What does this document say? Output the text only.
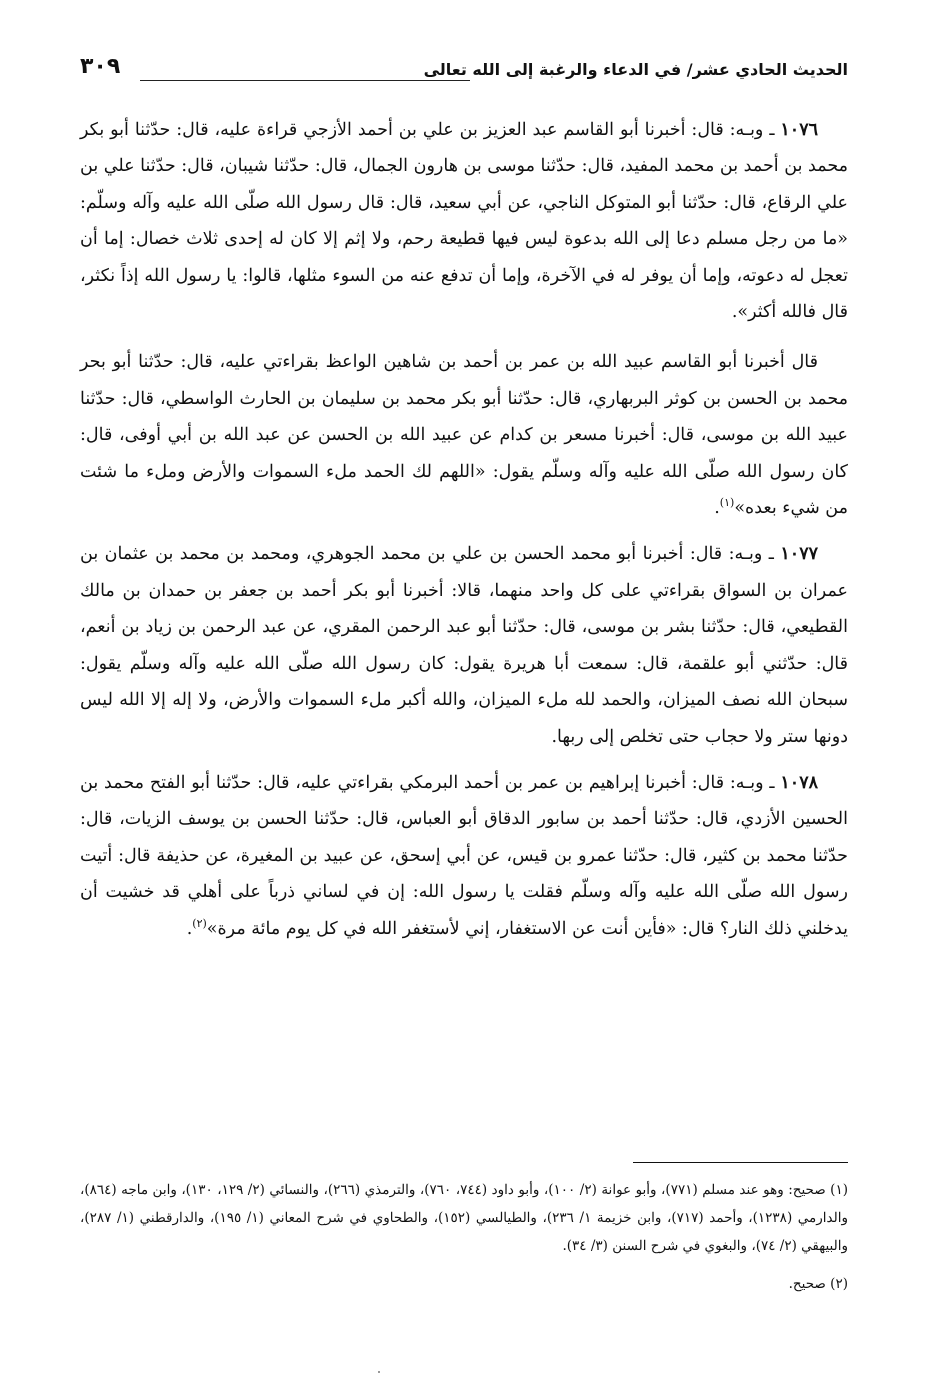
الحديث الحادي عشر/ في الدعاء والرغبة إلى الله تعالى
٣٠٩

١٠٧٦ ـ وبـه: قال: أخبرنا أبو القاسم عبد العزيز بن علي بن أحمد الأزجي قراءة عليه، قال: حدّثنا أبو بكر محمد بن أحمد بن محمد المفيد، قال: حدّثنا موسى بن هارون الجمال، قال: حدّثنا شيبان، قال: حدّثنا علي بن علي الرقاع، قال: حدّثنا أبو المتوكل الناجي، عن أبي سعيد، قال: قال رسول الله صلّى الله عليه وآله وسلّم: «ما من رجل مسلم دعا إلى الله بدعوة ليس فيها قطيعة رحم، ولا إثم إلا كان له إحدى ثلاث خصال: إما أن تعجل له دعوته، وإما أن يوفر له في الآخرة، وإما أن تدفع عنه من السوء مثلها، قالوا: يا رسول الله إذاً نكثر، قال فالله أكثر».

قال أخبرنا أبو القاسم عبيد الله بن عمر بن أحمد بن شاهين الواعظ بقراءتي عليه، قال: حدّثنا أبو بحر محمد بن الحسن بن كوثر البربهاري، قال: حدّثنا أبو بكر محمد بن سليمان بن الحارث الواسطي، قال: حدّثنا عبيد الله بن موسى، قال: أخبرنا مسعر بن كدام عن عبيد الله بن الحسن عن عبد الله بن أبي أوفى، قال: كان رسول الله صلّى الله عليه وآله وسلّم يقول: «اللهم لك الحمد ملء السموات والأرض وملء ما شئت من شيء بعده»$^{(١)}$.

١٠٧٧ ـ وبـه: قال: أخبرنا أبو محمد الحسن بن علي بن محمد الجوهري، ومحمد بن محمد بن عثمان بن عمران بن السواق بقراءتي على كل واحد منهما، قالا: أخبرنا أبو بكر أحمد بن جعفر بن حمدان بن مالك القطيعي، قال: حدّثنا بشر بن موسى، قال: حدّثنا أبو عبد الرحمن المقري، عن عبد الرحمن بن زياد بن أنعم، قال: حدّثني أبو علقمة، قال: سمعت أبا هريرة يقول: كان رسول الله صلّى الله عليه وآله وسلّم يقول: سبحان الله نصف الميزان، والحمد لله ملء الميزان، والله أكبر ملء السموات والأرض، ولا إله إلا الله ليس دونها ستر ولا حجاب حتى تخلص إلى ربها.

١٠٧٨ ـ وبـه: قال: أخبرنا إبراهيم بن عمر بن أحمد البرمكي بقراءتي عليه، قال: حدّثنا أبو الفتح محمد بن الحسين الأزدي، قال: حدّثنا أحمد بن سابور الدقاق أبو العباس، قال: حدّثنا الحسن بن يوسف الزيات، قال: حدّثنا محمد بن كثير، قال: حدّثنا عمرو بن قيس، عن أبي إسحق، عن عبيد بن المغيرة، عن حذيفة قال: أتيت رسول الله صلّى الله عليه وآله وسلّم فقلت يا رسول الله: إن في لساني ذرباً على أهلي قد خشيت أن يدخلني ذلك النار؟ قال: «فأين أنت عن الاستغفار، إني لأستغفر الله في كل يوم مائة مرة»$^{(٢)}$.

(١) صحيح: وهو عند مسلم (٧٧١)، وأبو عوانة (٢/ ١٠٠)، وأبو داود (٧٤٤، ٧٦٠)، والترمذي (٢٦٦)، والنسائي (٢/ ١٢٩، ١٣٠)، وابن ماجه (٨٦٤)، والدارمي (١٢٣٨)، وأحمد (٧١٧)، وابن خزيمة ١/ ٢٣٦)، والطيالسي (١٥٢)، والطحاوي في شرح المعاني (١/ ١٩٥)، والدارقطني (١/ ٢٨٧)، والبيهقي (٢/ ٧٤)، والبغوي في شرح السنن (٣/ ٣٤).

(٢) صحيح.
